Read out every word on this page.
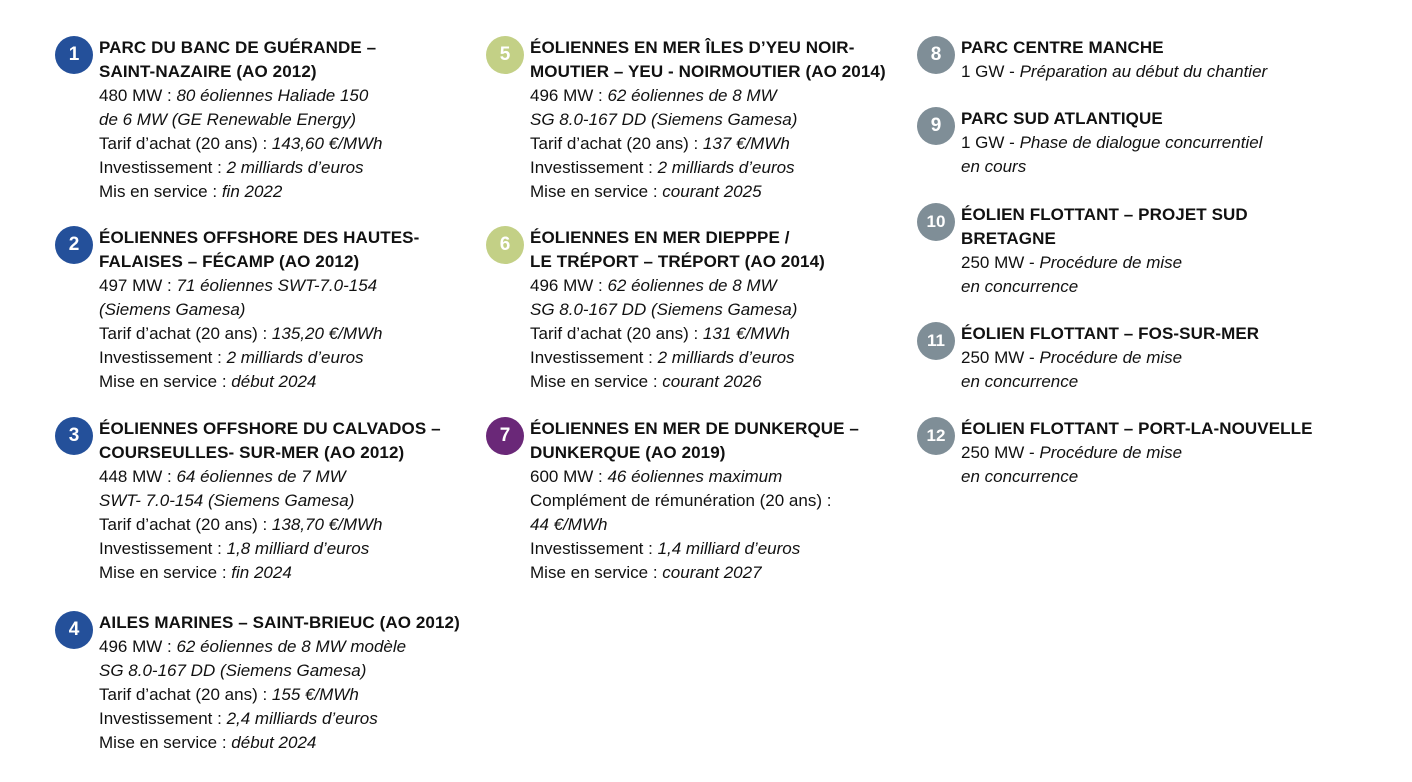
1	PARC DU BANC DE GUÉRANDE –
SAINT-NAZAIRE (AO 2012)
480 MW : 80 éoliennes Haliade 150
de 6 MW (GE Renewable Energy)
Tarif d’achat (20 ans) : 143,60 €/MWh
Investissement : 2 milliards d’euros
Mis en service : fin 2022
2	ÉOLIENNES OFFSHORE DES HAUTES-
FALAISES – FÉCAMP (AO 2012)
497 MW : 71 éoliennes SWT-7.0-154
(Siemens Gamesa)
Tarif d’achat (20 ans) : 135,20 €/MWh
Investissement : 2 milliards d’euros
Mise en service : début 2024
3	ÉOLIENNES OFFSHORE DU CALVADOS –
COURSEULLES- SUR-MER (AO 2012)
448 MW : 64 éoliennes de 7 MW
SWT- 7.0-154 (Siemens Gamesa)
Tarif d’achat (20 ans) : 138,70 €/MWh
Investissement : 1,8 milliard d’euros
Mise en service : fin 2024
4	AILES MARINES – SAINT-BRIEUC (AO 2012)
496 MW : 62 éoliennes de 8 MW modèle
SG 8.0-167 DD (Siemens Gamesa)
Tarif d’achat (20 ans) : 155 €/MWh
Investissement : 2,4 milliards d’euros
Mise en service : début 2024
5	ÉOLIENNES EN MER ÎLES D’YEU NOIR-
MOUTIER – YEU - NOIRMOUTIER (AO 2014)
496 MW : 62 éoliennes de 8 MW
SG 8.0-167 DD (Siemens Gamesa)
Tarif d’achat (20 ans) : 137 €/MWh
Investissement : 2 milliards d’euros
Mise en service : courant 2025
6	ÉOLIENNES EN MER DIEPPPE /
LE TRÉPORT – TRÉPORT (AO 2014)
496 MW : 62 éoliennes de 8 MW
SG 8.0-167 DD (Siemens Gamesa)
Tarif d’achat (20 ans) : 131 €/MWh
Investissement : 2 milliards d’euros
Mise en service : courant 2026
7	ÉOLIENNES EN MER DE DUNKERQUE –
DUNKERQUE (AO 2019)
600 MW : 46 éoliennes maximum
Complément de rémunération (20 ans) :
44 €/MWh
Investissement : 1,4 milliard d’euros
Mise en service : courant 2027
8	PARC CENTRE MANCHE
1 GW - Préparation au début du chantier
9	PARC SUD ATLANTIQUE
1 GW - Phase de dialogue concurrentiel
en cours
10 ÉOLIEN FLOTTANT – PROJET SUD
BRETAGNE
250 MW - Procédure de mise
en concurrence
11 ÉOLIEN FLOTTANT – FOS-SUR-MER
250 MW - Procédure de mise
en concurrence
12 ÉOLIEN FLOTTANT – PORT-LA-NOUVELLE
250 MW - Procédure de mise
en concurrence
